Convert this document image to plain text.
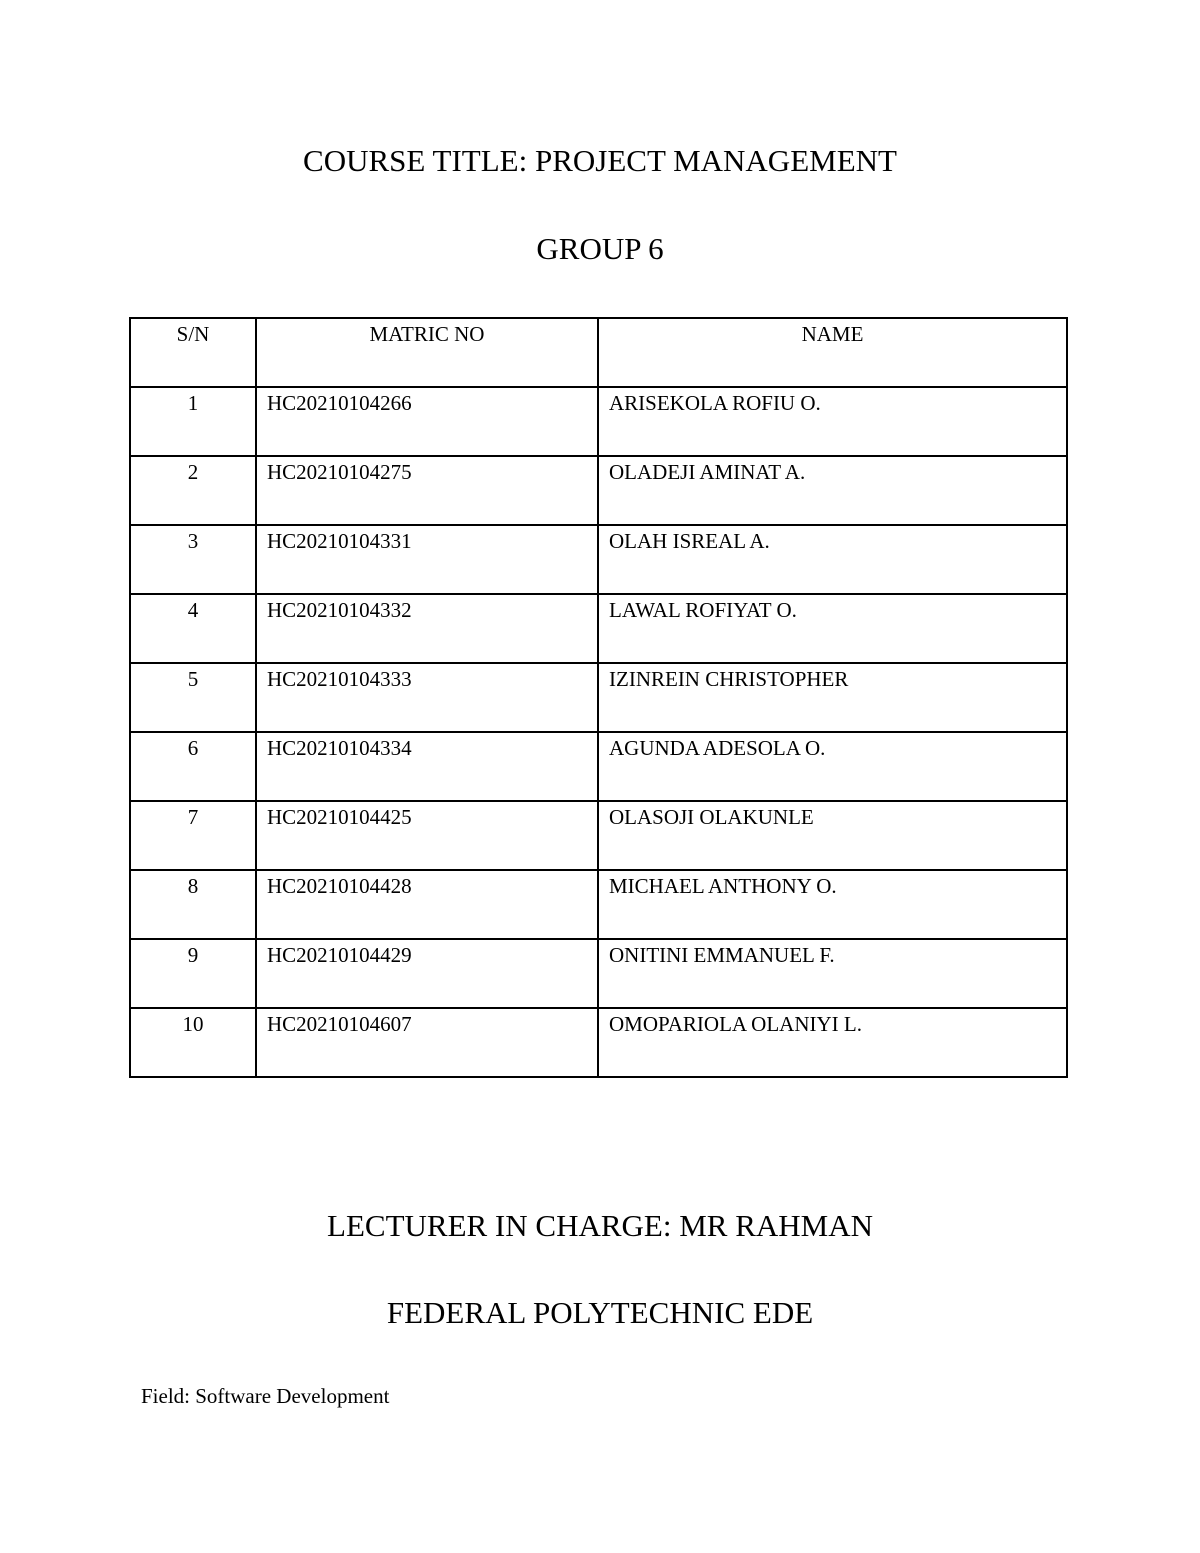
COURSE TITLE: PROJECT MANAGEMENT
GROUP 6
S/N	MATRIC NO	NAME
1	HC20210104266	ARISEKOLA ROFIU O.
2	HC20210104275	OLADEJI AMINAT A.
3	HC20210104331	OLAH ISREAL A.
4	HC20210104332	LAWAL ROFIYAT O.
5	HC20210104333	IZINREIN CHRISTOPHER
6	HC20210104334	AGUNDA ADESOLA O.
7	HC20210104425	OLASOJI OLAKUNLE
8	HC20210104428	MICHAEL ANTHONY O.
9	HC20210104429	ONITINI EMMANUEL F.
10	HC20210104607	OMOPARIOLA OLANIYI L.
LECTURER IN CHARGE: MR RAHMAN
FEDERAL POLYTECHNIC EDE
Field: Software Development
